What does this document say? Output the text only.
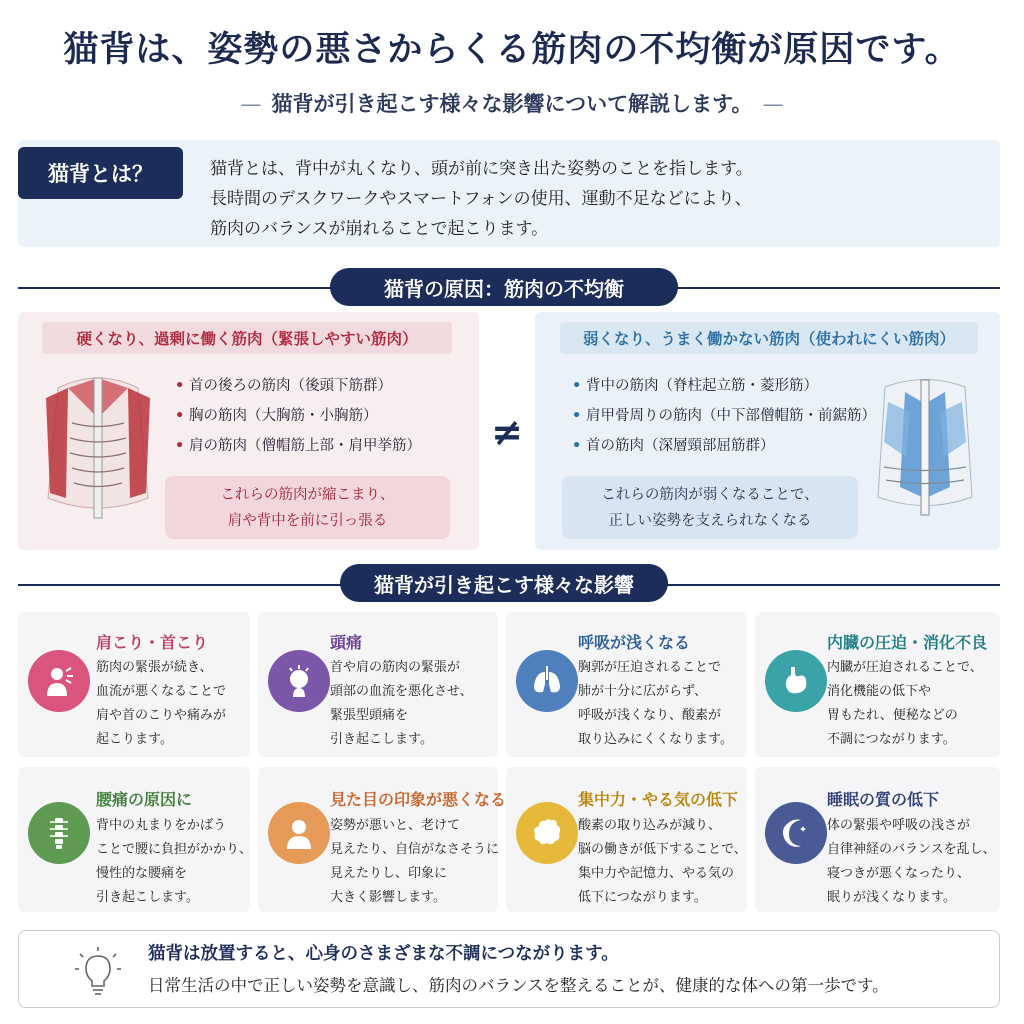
猫背は、姿勢の悪さからくる筋肉の不均衡が原因です。
— 猫背が引き起こす様々な影響について解説します。 —
猫背とは？	猫背とは、背中が丸くなり、頭が前に突き出た姿勢のことを指します。
長時間のデスクワークやスマートフォンの使用、運動不足などにより、
筋肉のバランスが崩れることで起こります。
猫背の原因：筋肉の不均衡
硬くなり、過剰に働く筋肉（緊張しやすい筋肉）	弱くなり、うまく働かない筋肉（使われにくい筋肉）
• 首の後ろの筋肉（後頭下筋群）
• 胸の筋肉（大胸筋・小胸筋）
• 肩の筋肉（僧帽筋上部・肩甲挙筋）
これらの筋肉が縮こまり、
肩や背中を前に引っ張る
≠
• 背中の筋肉（脊柱起立筋・菱形筋）
• 肩甲骨周りの筋肉（中下部僧帽筋・前鋸筋）
• 首の筋肉（深層頸部屈筋群）
これらの筋肉が弱くなることで、
正しい姿勢を支えられなくなる
猫背が引き起こす様々な影響
肩こり・首こり
筋肉の緊張が続き、
血流が悪くなることで
肩や首のこりや痛みが
起こります。
頭痛
首や肩の筋肉の緊張が
頭部の血流を悪化させ、
緊張型頭痛を
引き起こします。
呼吸が浅くなる
胸郭が圧迫されることで
肺が十分に広がらず、
呼吸が浅くなり、酸素が
取り込みにくくなります。
内臓の圧迫・消化不良
内臓が圧迫されることで、
消化機能の低下や
胃もたれ、便秘などの
不調につながります。
腰痛の原因に
背中の丸まりをかばう
ことで腰に負担がかかり、
慢性的な腰痛を
引き起こします。
見た目の印象が悪くなる
姿勢が悪いと、老けて
見えたり、自信がなさそうに
見えたりし、印象に
大きく影響します。
集中力・やる気の低下
酸素の取り込みが減り、
脳の働きが低下することで、
集中力や記憶力、やる気の
低下につながります。
睡眠の質の低下
体の緊張や呼吸の浅さが
自律神経のバランスを乱し、
寝つきが悪くなったり、
眠りが浅くなります。
猫背は放置すると、心身のさまざまな不調につながります。
日常生活の中で正しい姿勢を意識し、筋肉のバランスを整えることが、健康的な体への第一歩です。
